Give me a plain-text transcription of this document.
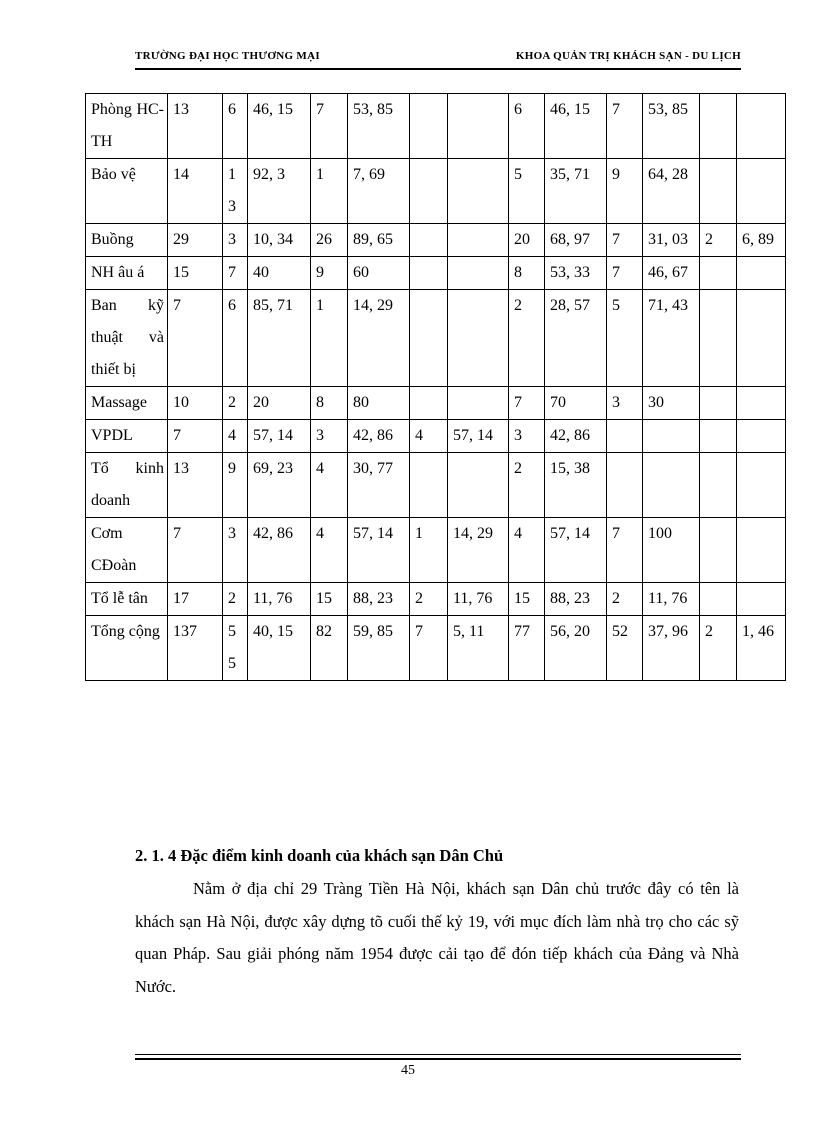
TRƯỜNG ĐẠI HỌC THƯƠNG MẠI	KHOA QUẢN TRỊ KHÁCH SẠN - DU LỊCH
Phòng HC- TH	13	6	46, 15	7	53, 85			6	46, 15	7	53, 85		
Bảo vệ	14	1 3	92, 3	1	7, 69			5	35, 71	9	64, 28		
Buồng	29	3	10, 34	26	89, 65			20	68, 97	7	31, 03	2	6, 89
NH âu á	15	7	40	9	60			8	53, 33	7	46, 67		
Ban kỹ thuật và thiết bị	7	6	85, 71	1	14, 29			2	28, 57	5	71, 43		
Massage	10	2	20	8	80			7	70	3	30		
VPDL	7	4	57, 14	3	42, 86	4	57, 14	3	42, 86				
Tổ kinh doanh	13	9	69, 23	4	30, 77			2	15, 38				
Cơm CĐoàn	7	3	42, 86	4	57, 14	1	14, 29	4	57, 14	7	100		
Tổ lễ tân	17	2	11, 76	15	88, 23	2	11, 76	15	88, 23	2	11, 76		
Tổng cộng	137	5 5	40, 15	82	59, 85	7	5, 11	77	56, 20	52	37, 96	2	1, 46
2. 1. 4 Đặc điểm kinh doanh của khách sạn Dân Chủ

Nằm ở địa chỉ 29 Tràng Tiền Hà Nội, khách sạn Dân chủ trước đây có tên là khách sạn Hà Nội, được xây dựng tõ cuối thế kỷ 19, với mục đích làm nhà trọ cho các sỹ quan Pháp. Sau giải phóng năm 1954 được cải tạo để đón tiếp khách của Đảng và Nhà Nước.

45
